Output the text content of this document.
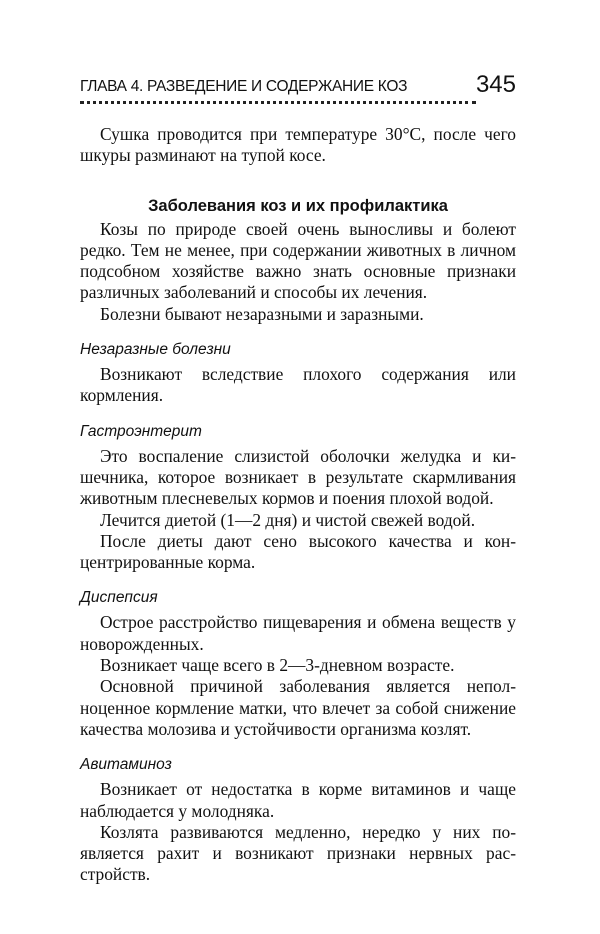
ГЛАВА 4. РАЗВЕДЕНИЕ И СОДЕРЖАНИЕ КОЗ	345

Сушка проводится при температуре 30°С, после чего шкуры разминают на тупой косе.

Заболевания коз и их профилактика

Козы по природе своей очень выносливы и болеют редко. Тем не менее, при содержании животных в личном подсобном хозяйстве важно знать основные признаки различных заболеваний и способы их лечения.

Болезни бывают незаразными и заразными.

Незаразные болезни

Возникают вследствие плохого содержания или кормления.

Гастроэнтерит

Это воспаление слизистой оболочки желудка и кишечника, которое возникает в результате скармливания животным плесневелых кормов и поения плохой водой.

Лечится диетой (1—2 дня) и чистой свежей водой.

После диеты дают сено высокого качества и концентрированные корма.

Диспепсия

Острое расстройство пищеварения и обмена веществ у новорожденных.

Возникает чаще всего в 2—3-дневном возрасте.

Основной причиной заболевания является неполноценное кормление матки, что влечет за собой снижение качества молозива и устойчивости организма козлят.

Авитаминоз

Возникает от недостатка в корме витаминов и чаще наблюдается у молодняка.

Козлята развиваются медленно, нередко у них появляется рахит и возникают признаки нервных расстройств.
